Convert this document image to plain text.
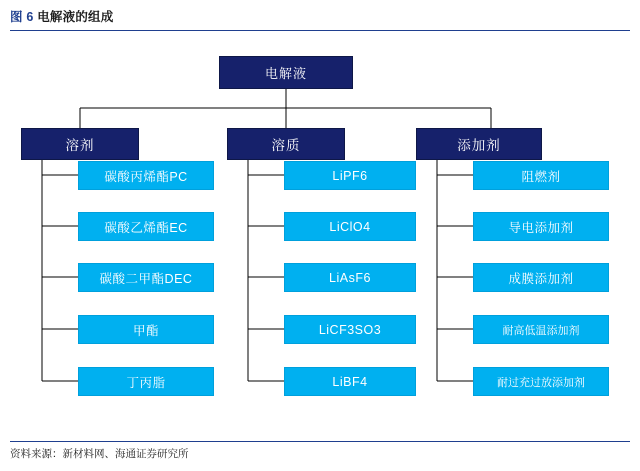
图 6 电解液的组成
电解液
溶剂	溶质	添加剂
碳酸丙烯酯PC
碳酸乙烯酯EC
碳酸二甲酯DEC
甲酯
丁丙脂
LiPF6
LiClO4
LiAsF6
LiCF3SO3
LiBF4
阻燃剂
导电添加剂
成膜添加剂
耐高低温添加剂
耐过充过放添加剂
资料来源：新材料网、海通证券研究所
